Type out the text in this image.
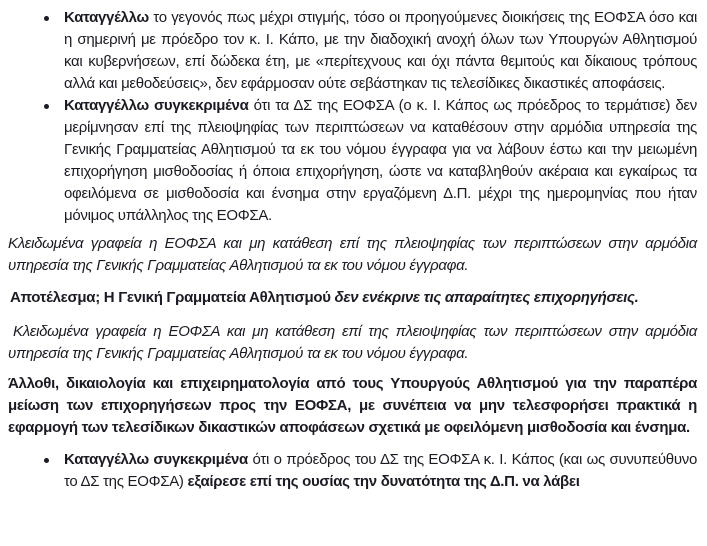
Καταγγέλλω το γεγονός πως μέχρι στιγμής, τόσο οι προηγούμενες διοικήσεις της ΕΟΦΣΑ όσο και η σημερινή με πρόεδρο τον κ. Ι. Κάπο, με την διαδοχική ανοχή όλων των Υπουργών Αθλητισμού και κυβερνήσεων, επί δώδεκα έτη, με «περίτεχνους και όχι πάντα θεμιτούς και δίκαιους τρόπους αλλά και μεθοδεύσεις», δεν εφάρμοσαν ούτε σεβάστηκαν τις τελεσίδικες δικαστικές αποφάσεις.
Καταγγέλλω συγκεκριμένα ότι τα ΔΣ της ΕΟΦΣΑ (ο κ. Ι. Κάπος ως πρόεδρος το τερμάτισε) δεν μερίμνησαν επί της πλειοψηφίας των περιπτώσεων να καταθέσουν στην αρμόδια υπηρεσία της Γενικής Γραμματείας Αθλητισμού τα εκ του νόμου έγγραφα για να λάβουν έστω και την μειωμένη επιχορήγηση μισθοδοσίας ή όποια επιχορήγηση, ώστε να καταβληθούν ακέραια και εγκαίρως τα οφειλόμενα σε μισθοδοσία και ένσημα στην εργαζόμενη Δ.Π. μέχρι της ημερομηνίας που ήταν μόνιμος υπάλληλος της ΕΟΦΣΑ.

Κλειδωμένα γραφεία η ΕΟΦΣΑ και μη κατάθεση επί της πλειοψηφίας των περιπτώσεων στην αρμόδια υπηρεσία της Γενικής Γραμματείας Αθλητισμού τα εκ του νόμου έγγραφα.

Αποτέλεσμα; Η Γενική Γραμματεία Αθλητισμού δεν ενέκρινε τις απαραίτητες επιχορηγήσεις.

Κλειδωμένα γραφεία η ΕΟΦΣΑ και μη κατάθεση επί της πλειοψηφίας των περιπτώσεων στην αρμόδια υπηρεσία της Γενικής Γραμματείας Αθλητισμού τα εκ του νόμου έγγραφα.

Άλλοθι, δικαιολογία και επιχειρηματολογία από τους Υπουργούς Αθλητισμού για την παραπέρα μείωση των επιχορηγήσεων προς την ΕΟΦΣΑ, με συνέπεια να μην τελεσφορήσει πρακτικά η εφαρμογή των τελεσίδικων δικαστικών αποφάσεων σχετικά με οφειλόμενη μισθοδοσία και ένσημα.

Καταγγέλλω συγκεκριμένα ότι ο πρόεδρος του ΔΣ της ΕΟΦΣΑ κ. Ι. Κάπος (και ως συνυπεύθυνο το ΔΣ της ΕΟΦΣΑ) εξαίρεσε επί της ουσίας την δυνατότητα της Δ.Π. να λάβει
